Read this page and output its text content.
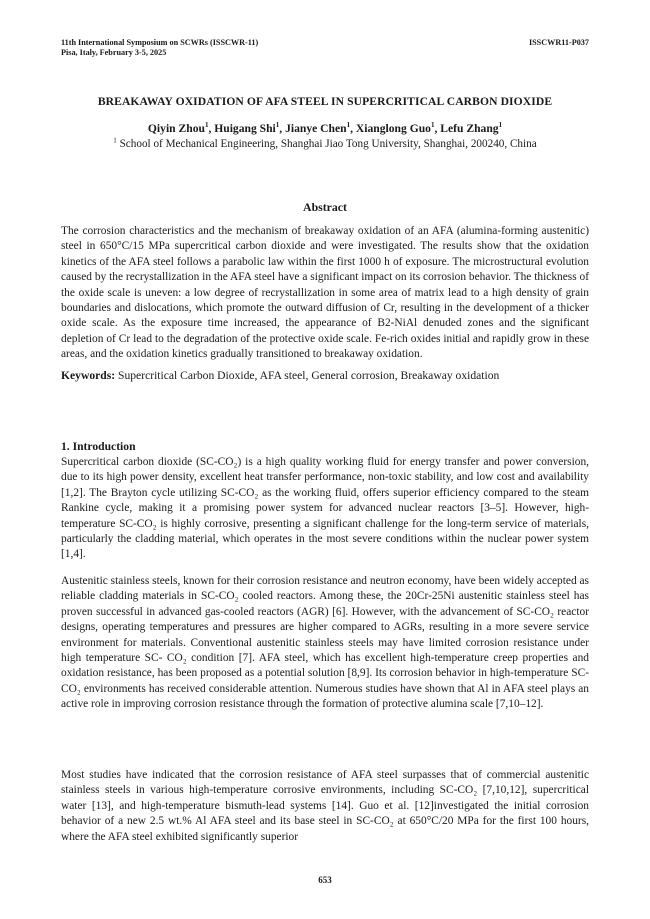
11th International Symposium on SCWRs (ISSCWR-11)
Pisa, Italy, February 3-5, 2025
ISSCWR11-P037
BREAKAWAY OXIDATION OF AFA STEEL IN SUPERCRITICAL CARBON DIOXIDE
Qiyin Zhou$^1$, Huigang Shi$^1$, Jianye Chen$^1$, Xianglong Guo$^1$, Lefu Zhang$^1$
$^1$ School of Mechanical Engineering, Shanghai Jiao Tong University, Shanghai, 200240, China
Abstract

The corrosion characteristics and the mechanism of breakaway oxidation of an AFA (alumina-forming austenitic) steel in 650°C/15 MPa supercritical carbon dioxide and were investigated. The results show that the oxidation kinetics of the AFA steel follows a parabolic law within the first 1000 h of exposure. The microstructural evolution caused by the recrystallization in the AFA steel have a significant impact on its corrosion behavior. The thickness of the oxide scale is uneven: a low degree of recrystallization in some area of matrix lead to a high density of grain boundaries and dislocations, which promote the outward diffusion of Cr, resulting in the development of a thicker oxide scale. As the exposure time increased, the appearance of B2-NiAl denuded zones and the significant depletion of Cr lead to the degradation of the protective oxide scale. Fe-rich oxides initial and rapidly grow in these areas, and the oxidation kinetics gradually transitioned to breakaway oxidation.

Keywords: Supercritical Carbon Dioxide, AFA steel, General corrosion, Breakaway oxidation
1. Introduction

Supercritical carbon dioxide (SC-CO₂) is a high quality working fluid for energy transfer and power conversion, due to its high power density, excellent heat transfer performance, non-toxic stability, and low cost and availability [1,2]. The Brayton cycle utilizing SC-CO₂ as the working fluid, offers superior efficiency compared to the steam Rankine cycle, making it a promising power system for advanced nuclear reactors [3–5]. However, high-temperature SC-CO₂ is highly corrosive, presenting a significant challenge for the long-term service of materials, particularly the cladding material, which operates in the most severe conditions within the nuclear power system [1,4].

Austenitic stainless steels, known for their corrosion resistance and neutron economy, have been widely accepted as reliable cladding materials in SC-CO₂ cooled reactors. Among these, the 20Cr-25Ni austenitic stainless steel has proven successful in advanced gas-cooled reactors (AGR) [6]. However, with the advancement of SC-CO₂ reactor designs, operating temperatures and pressures are higher compared to AGRs, resulting in a more severe service environment for materials. Conventional austenitic stainless steels may have limited corrosion resistance under high temperature SC- CO₂ condition [7]. AFA steel, which has excellent high-temperature creep properties and oxidation resistance, has been proposed as a potential solution [8,9]. Its corrosion behavior in high-temperature SC-CO₂ environments has received considerable attention. Numerous studies have shown that Al in AFA steel plays an active role in improving corrosion resistance through the formation of protective alumina scale [7,10–12].

Most studies have indicated that the corrosion resistance of AFA steel surpasses that of commercial austenitic stainless steels in various high-temperature corrosive environments, including SC-CO₂ [7,10,12], supercritical water [13], and high-temperature bismuth-lead systems [14]. Guo et al. [12]investigated the initial corrosion behavior of a new 2.5 wt.% Al AFA steel and its base steel in SC-CO₂ at 650°C/20 MPa for the first 100 hours, where the AFA steel exhibited significantly superior

653
